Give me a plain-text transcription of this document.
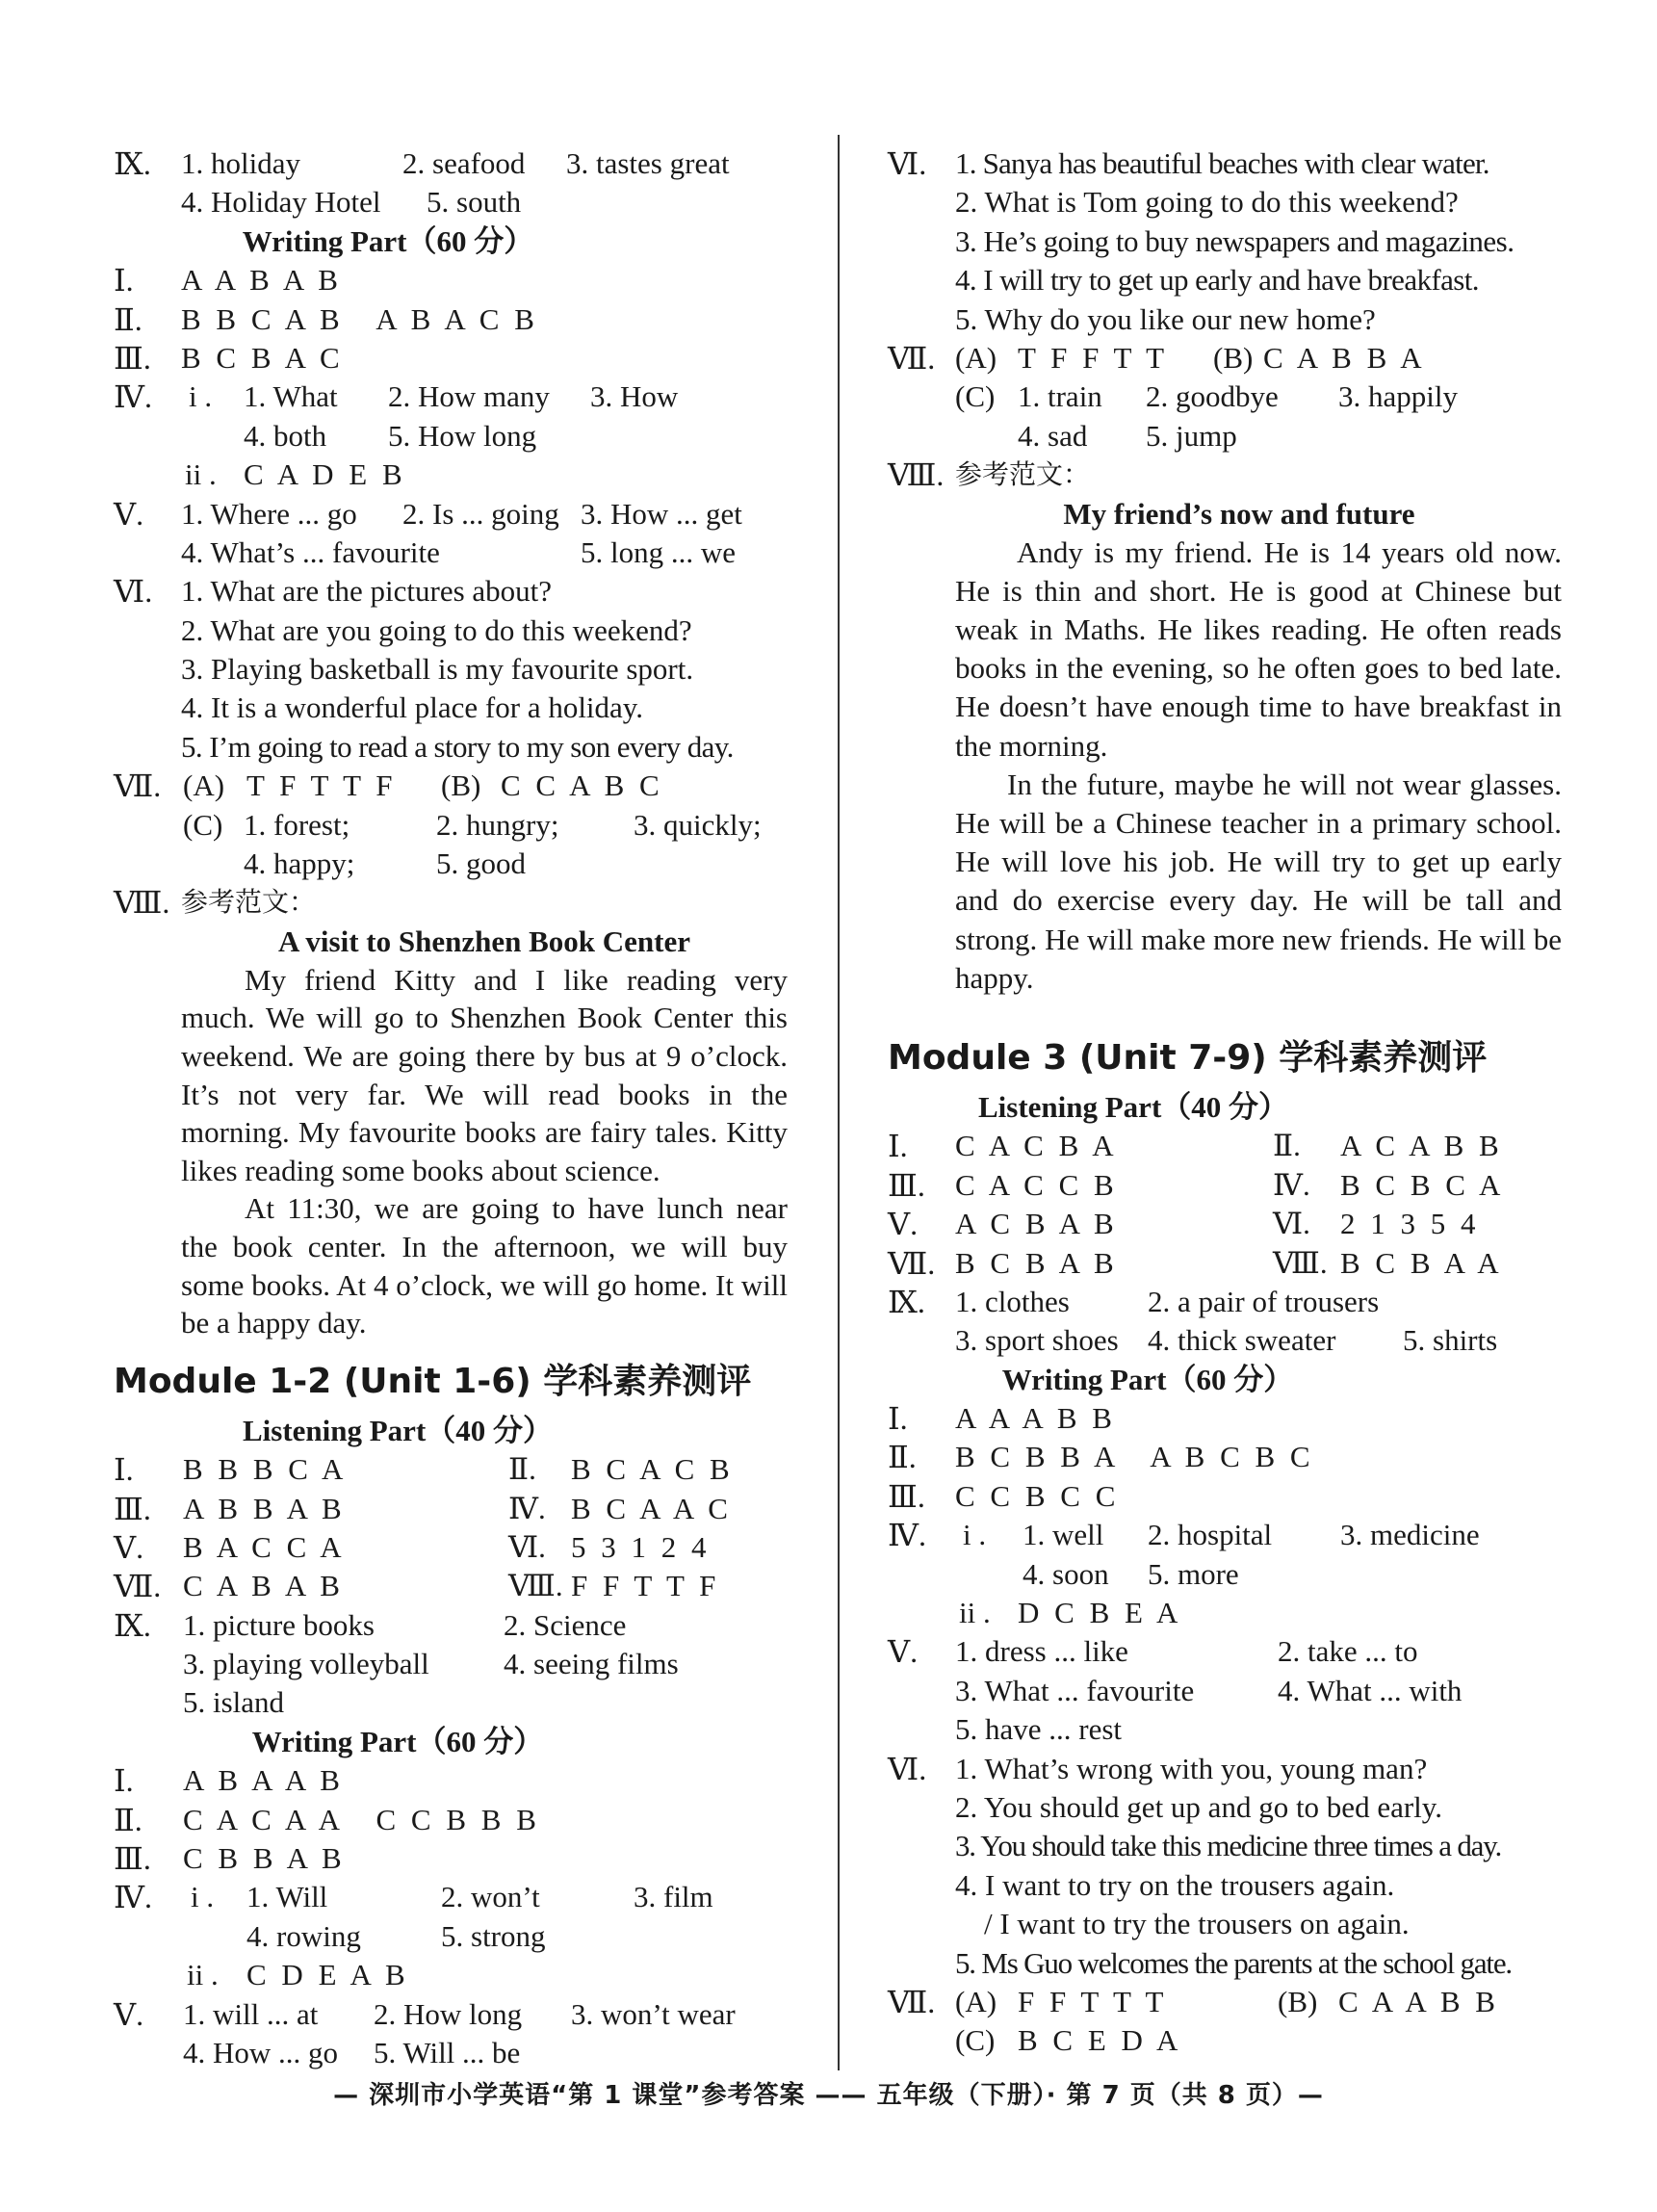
Ⅸ. 1. holiday	2. seafood 3. tastes great
4. Holiday Hotel 5. south
Writing Part（60 分）
Ⅰ. A A B A B
Ⅱ. B B C A B   A B A C B
Ⅲ. B C B A C
Ⅳ. i . 1. What 2. How many 3. How
4. both 5. How long
ii . C A D E B
Ⅴ. 1. Where ... go 2. Is ... going 3. How ... get
4. What’s ... favourite	5. long ... we
Ⅵ. 1. What are the pictures about?
2. What are you going to do this weekend?
3. Playing basketball is my favourite sport.
4. It is a wonderful place for a holiday.
5. I’m going to read a story to my son every day.
Ⅶ. (A) T F T T F (B) C C A B C
(C) 1. forest;	2. hungry;	3. quickly;
4. happy;	5. good
Ⅷ. 参考范文：
A visit to Shenzhen Book Center
My friend Kitty and I like reading very much. We will go to Shenzhen Book Center this weekend. We are going there by bus at 9 o’clock. It’s not very far. We will read books in the morning. My favourite books are fairy tales. Kitty likes reading some books about science.
At 11:30, we are going to have lunch near the book center. In the afternoon, we will buy some books. At 4 o’clock, we will go home. It will be a happy day.
Module 1-2 (Unit 1-6) 学科素养测评
Listening Part（40 分）
Ⅰ. B B B C A	Ⅱ. B C A C B
Ⅲ. A B B A B	Ⅳ. B C A A C
Ⅴ. B A C C A	Ⅵ. 5 3 1 2 4
Ⅶ. C A B A B	Ⅷ. F F T T F
Ⅸ. 1. picture books	2. Science
3. playing volleyball 4. seeing films
5. island
Writing Part（60 分）
Ⅰ. A B A A B
Ⅱ. C A C A A   C C B B B
Ⅲ. C B B A B
Ⅳ. i . 1. Will	2. won’t	3. film
4. rowing	5. strong
ii . C D E A B
Ⅴ. 1. will ... at 2. How long 3. won’t wear
4. How ... go 5. Will ... be
Ⅵ. 1. Sanya has beautiful beaches with clear water.
2. What is Tom going to do this weekend?
3. He’s going to buy newspapers and magazines.
4. I will try to get up early and have breakfast.
5. Why do you like our new home?
Ⅶ. (A) T F F T T (B) C A B B A
(C) 1. train 2. goodbye 3. happily
4. sad 5. jump
Ⅷ. 参考范文：
My friend’s now and future
Andy is my friend. He is 14 years old now. He is thin and short. He is good at Chinese but weak in Maths. He likes reading. He often reads books in the evening, so he often goes to bed late. He doesn’t have enough time to have breakfast in the morning.
In the future, maybe he will not wear glasses. He will be a Chinese teacher in a primary school. He will love his job. He will try to get up early and do exercise every day. He will be tall and strong. He will make more new friends. He will be happy.
Module 3 (Unit 7-9) 学科素养测评
Listening Part（40 分）
Ⅰ. C A C B A	Ⅱ. A C A B B
Ⅲ. C A C C B	Ⅳ. B C B C A
Ⅴ. A C B A B	Ⅵ. 2 1 3 5 4
Ⅶ. B C B A B	Ⅷ. B C B A A
Ⅸ. 1. clothes	2. a pair of trousers
3. sport shoes 4. thick sweater 5. shirts
Writing Part（60 分）
Ⅰ. A A A B B
Ⅱ. B C B B A   A B C B C
Ⅲ. C C B C C
Ⅳ. i . 1. well 2. hospital 3. medicine
4. soon 5. more
ii . D C B E A
Ⅴ. 1. dress ... like	2. take ... to
3. What ... favourite	4. What ... with
5. have ... rest
Ⅵ. 1. What’s wrong with you, young man?
2. You should get up and go to bed early.
3. You should take this medicine three times a day.
4. I want to try on the trousers again.
/ I want to try the trousers on again.
5. Ms Guo welcomes the parents at the school gate.
Ⅶ. (A) F F T T T	(B) C A A B B
(C) B C E D A
— 深圳市小学英语“第 1 课堂”参考答案 —— 五年级（下册）· 第 7 页（共 8 页）—
